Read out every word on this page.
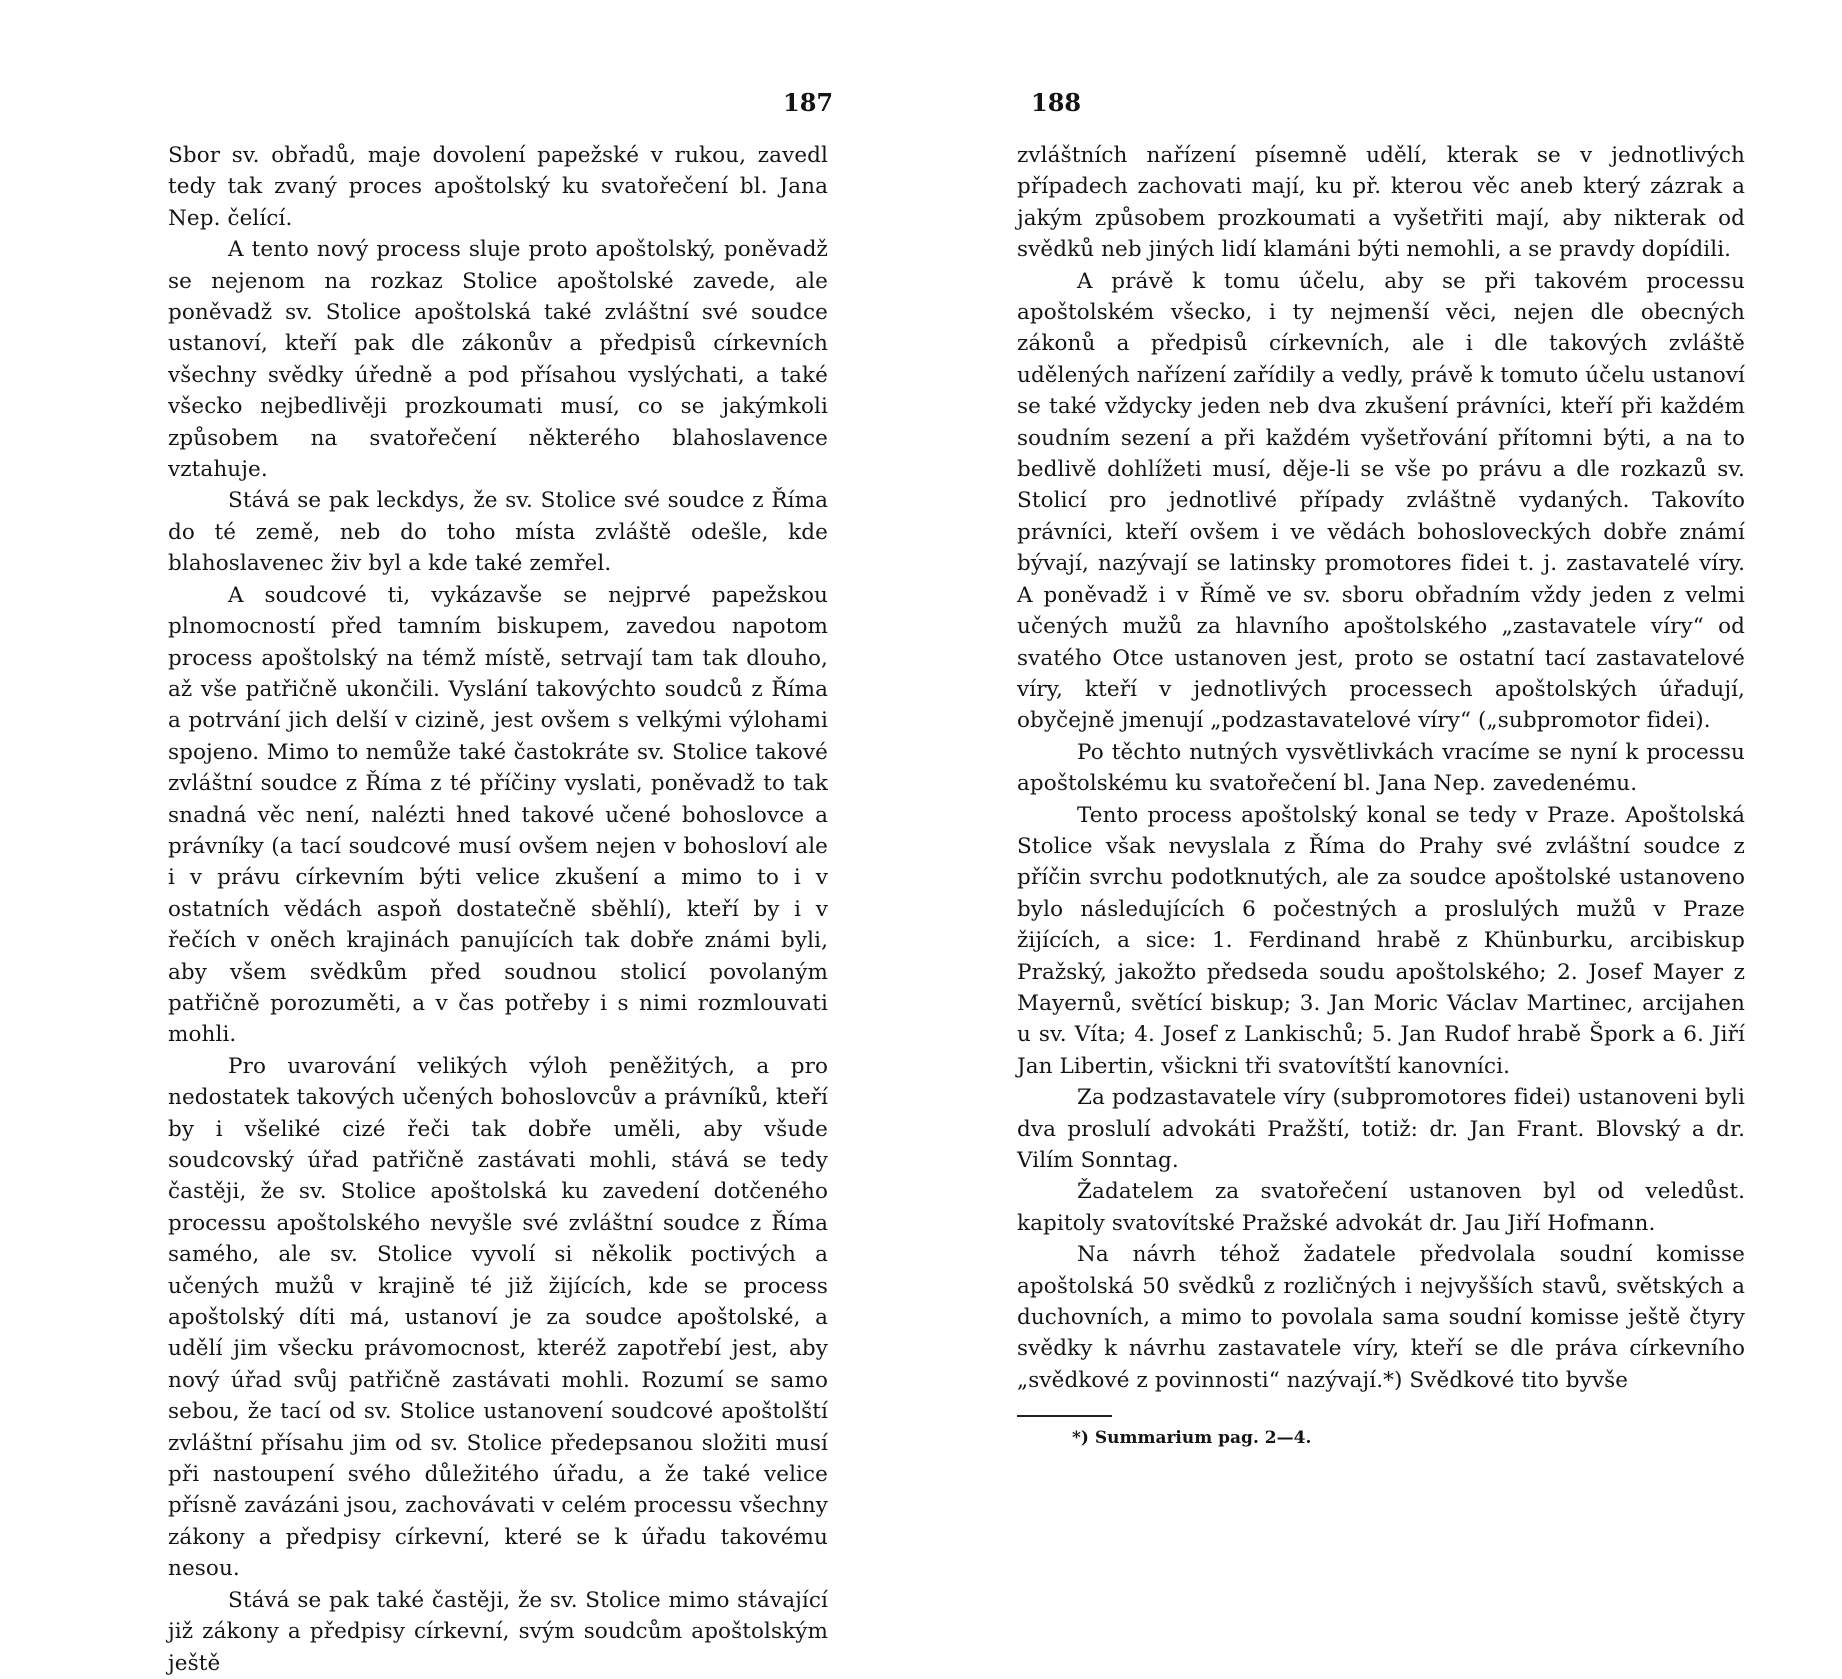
187

Sbor sv. obřadů, maje dovolení papežské v rukou, zavedl tedy tak zvaný proces apoštolský ku svatořečení bl. Jana Nep. čelící.

A tento nový process sluje proto apoštolský, poněvadž se nejenom na rozkaz Stolice apoštolské zavede, ale poněvadž sv. Stolice apoštolská také zvláštní své soudce ustanoví, kteří pak dle zákonův a předpisů církevních všechny svědky úředně a pod přísahou vyslýchati, a také všecko nejbedlivěji prozkoumati musí, co se jakýmkoli způsobem na svatořečení některého blahoslavence vztahuje.

Stává se pak leckdys, že sv. Stolice své soudce z Říma do té země, neb do toho místa zvláště odešle, kde blahoslavenec živ byl a kde také zemřel.

A soudcové ti, vykázavše se nejprvé papežskou plnomocností před tamním biskupem, zavedou napotom process apoštolský na témž místě, setrvají tam tak dlouho, až vše patřičně ukončili. Vyslání takovýchto soudců z Říma a potrvání jich delší v cizině, jest ovšem s velkými výlohami spojeno. Mimo to nemůže také častokráte sv. Stolice takové zvláštní soudce z Říma z té příčiny vyslati, poněvadž to tak snadná věc není, nalézti hned takové učené bohoslovce a právníky (a tací soudcové musí ovšem nejen v bohosloví ale i v právu církevním býti velice zkušení a mimo to i v ostatních vědách aspoň dostatečně sběhlí), kteří by i v řečích v oněch krajinách panujících tak dobře známi byli, aby všem svědkům před soudnou stolicí povolaným patřičně porozuměti, a v čas potřeby i s nimi rozmlouvati mohli.

Pro uvarování velikých výloh peněžitých, a pro nedostatek takových učených bohoslovcův a právníků, kteří by i všeliké cizé řeči tak dobře uměli, aby všude soudcovský úřad patřičně zastávati mohli, stává se tedy častěji, že sv. Stolice apoštolská ku zavedení dotčeného processu apoštolského nevyšle své zvláštní soudce z Říma samého, ale sv. Stolice vyvolí si několik poctivých a učených mužů v krajině té již žijících, kde se process apoštolský díti má, ustanoví je za soudce apoštolské, a udělí jim všecku právomocnost, kteréž zapotřebí jest, aby nový úřad svůj patřičně zastávati mohli. Rozumí se samo sebou, že tací od sv. Stolice ustanovení soudcové apoštolští zvláštní přísahu jim od sv. Stolice předepsanou složiti musí při nastoupení svého důležitého úřadu, a že také velice přísně zavázáni jsou, zachovávati v celém processu všechny zákony a předpisy církevní, které se k úřadu takovému nesou.

Stává se pak také častěji, že sv. Stolice mimo stávající již zákony a předpisy církevní, svým soudcům apoštolským ještě

188

zvláštních nařízení písemně udělí, kterak se v jednotlivých případech zachovati mají, ku př. kterou věc aneb který zázrak a jakým způsobem prozkoumati a vyšetřiti mají, aby nikterak od svědků neb jiných lidí klamáni býti nemohli, a se pravdy dopídili.

A právě k tomu účelu, aby se při takovém processu apoštolském všecko, i ty nejmenší věci, nejen dle obecných zákonů a předpisů církevních, ale i dle takových zvláště udělených nařízení zařídily a vedly, právě k tomuto účelu ustanoví se také vždycky jeden neb dva zkušení právníci, kteří při každém soudním sezení a při každém vyšetřování přítomni býti, a na to bedlivě dohlížeti musí, děje-li se vše po právu a dle rozkazů sv. Stolicí pro jednotlivé případy zvláštně vydaných. Takovíto právníci, kteří ovšem i ve vědách bohosloveckých dobře známí bývají, nazývají se latinsky promotores fidei t. j. zastavatelé víry. A poněvadž i v Římě ve sv. sboru obřadním vždy jeden z velmi učených mužů za hlavního apoštolského „zastavatele víry“ od svatého Otce ustanoven jest, proto se ostatní tací zastavatelové víry, kteří v jednotlivých processech apoštolských úřadují, obyčejně jmenují „podzastavatelové víry“ („subpromotor fidei).

Po těchto nutných vysvětlivkách vracíme se nyní k processu apoštolskému ku svatořečení bl. Jana Nep. zavedenému.

Tento process apoštolský konal se tedy v Praze. Apoštolská Stolice však nevyslala z Říma do Prahy své zvláštní soudce z příčin svrchu podotknutých, ale za soudce apoštolské ustanoveno bylo následujících 6 počestných a proslulých mužů v Praze žijících, a sice: 1. Ferdinand hrabě z Khünburku, arcibiskup Pražský, jakožto předseda soudu apoštolského; 2. Josef Mayer z Mayernů, světící biskup; 3. Jan Moric Václav Martinec, arcijahen u sv. Víta; 4. Josef z Lankischů; 5. Jan Rudof hrabě Špork a 6. Jiří Jan Libertin, všickni tři svatovítští kanovníci.

Za podzastavatele víry (subpromotores fidei) ustanoveni byli dva proslulí advokáti Pražští, totiž: dr. Jan Frant. Blovský a dr. Vilím Sonntag.

Žadatelem za svatořečení ustanoven byl od veledůst. kapitoly svatovítské Pražské advokát dr. Jau Jiří Hofmann.

Na návrh téhož žadatele předvolala soudní komisse apoštolská 50 svědků z rozličných i nejvyšších stavů, světských a duchovních, a mimo to povolala sama soudní komisse ještě čtyry svědky k návrhu zastavatele víry, kteří se dle práva církevního „svědkové z povinnosti“ nazývají.*) Svědkové tito byvše

*) Summarium pag. 2—4.
